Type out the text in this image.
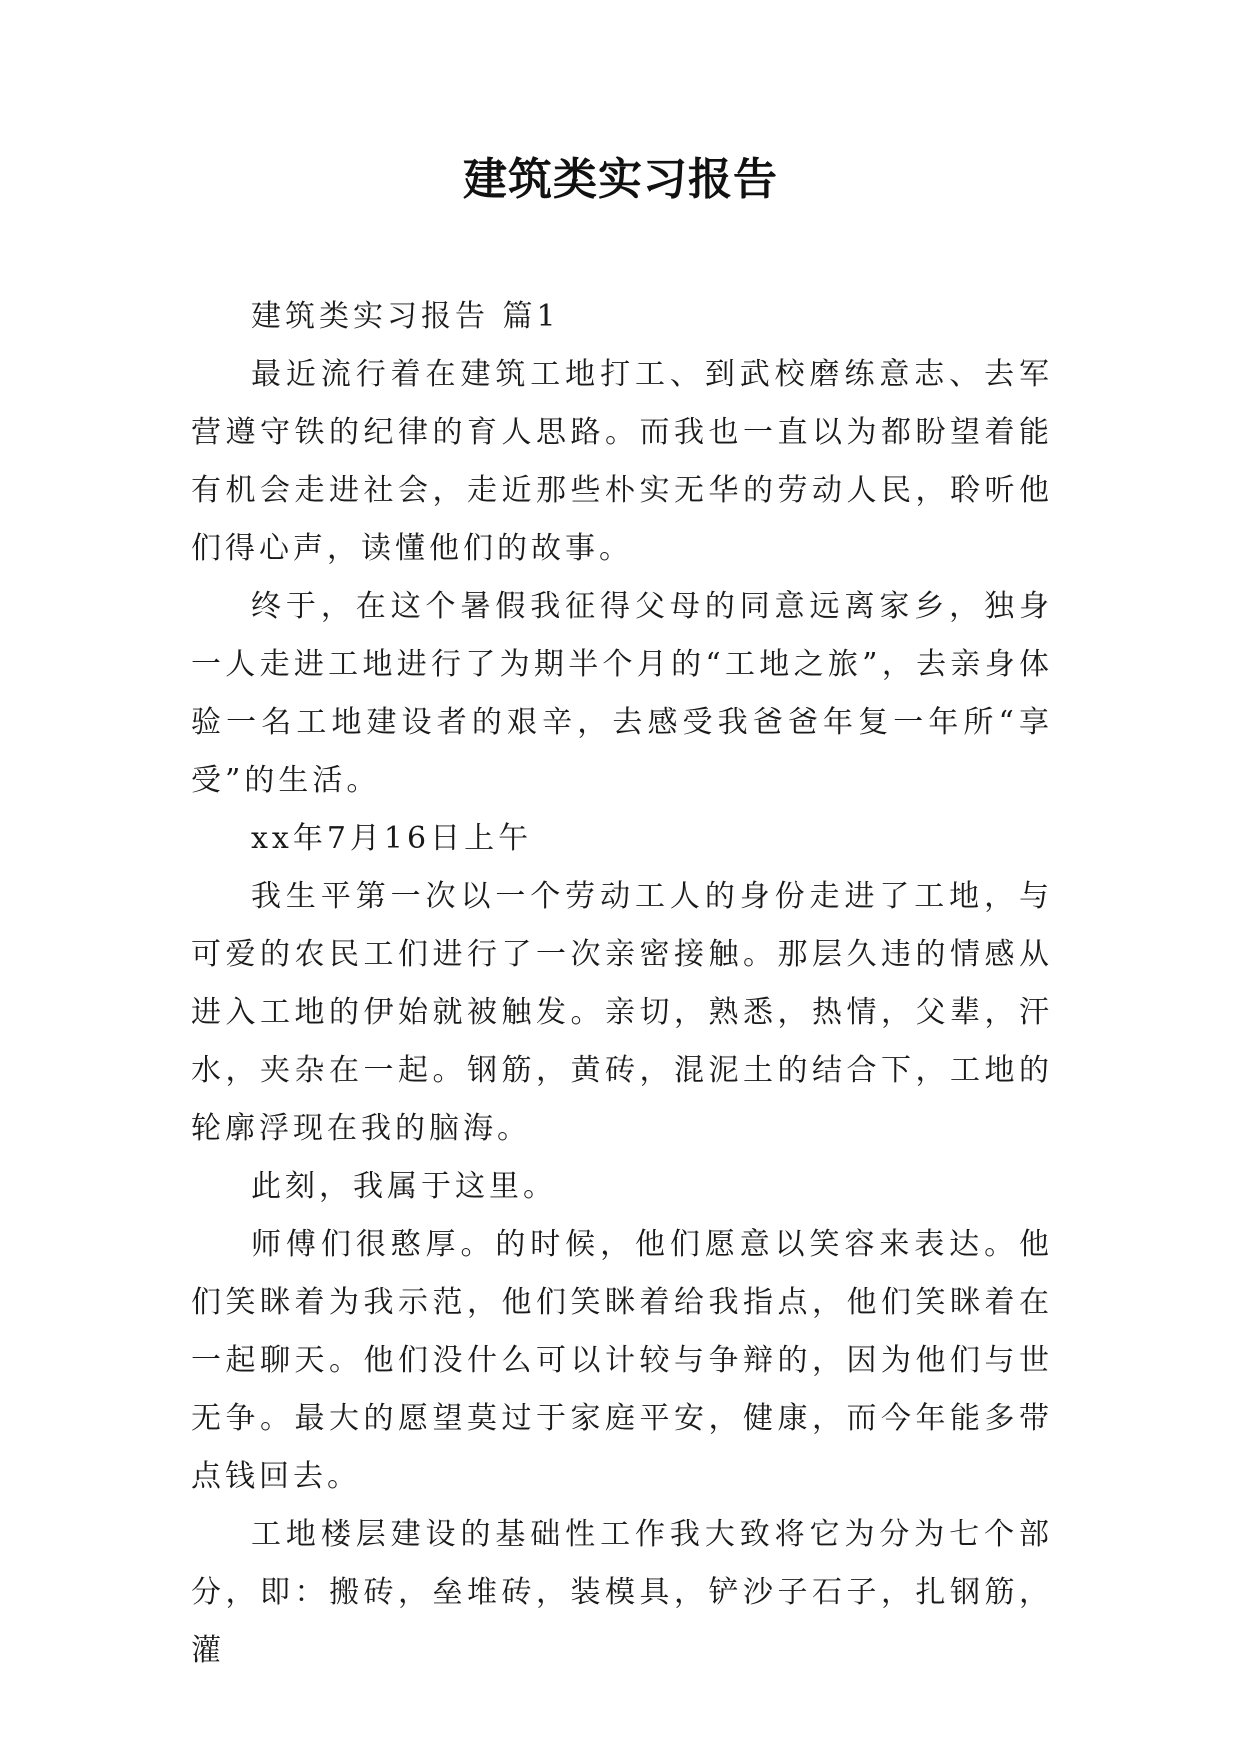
建筑类实习报告

建筑类实习报告 篇1

最近流行着在建筑工地打工、到武校磨练意志、去军营遵守铁的纪律的育人思路。而我也一直以为都盼望着能有机会走进社会，走近那些朴实无华的劳动人民，聆听他们得心声，读懂他们的故事。

终于，在这个暑假我征得父母的同意远离家乡，独身一人走进工地进行了为期半个月的“工地之旅”，去亲身体验一名工地建设者的艰辛，去感受我爸爸年复一年所“享受”的生活。

xx年7月16日上午

我生平第一次以一个劳动工人的身份走进了工地，与可爱的农民工们进行了一次亲密接触。那层久违的情感从进入工地的伊始就被触发。亲切，熟悉，热情，父辈，汗水，夹杂在一起。钢筋，黄砖，混泥土的结合下，工地的轮廓浮现在我的脑海。

此刻，我属于这里。

师傅们很憨厚。的时候，他们愿意以笑容来表达。他们笑眯着为我示范，他们笑眯着给我指点，他们笑眯着在一起聊天。他们没什么可以计较与争辩的，因为他们与世无争。最大的愿望莫过于家庭平安，健康，而今年能多带点钱回去。

工地楼层建设的基础性工作我大致将它为分为七个部分，即：搬砖，垒堆砖，装模具，铲沙子石子，扎钢筋，灌
